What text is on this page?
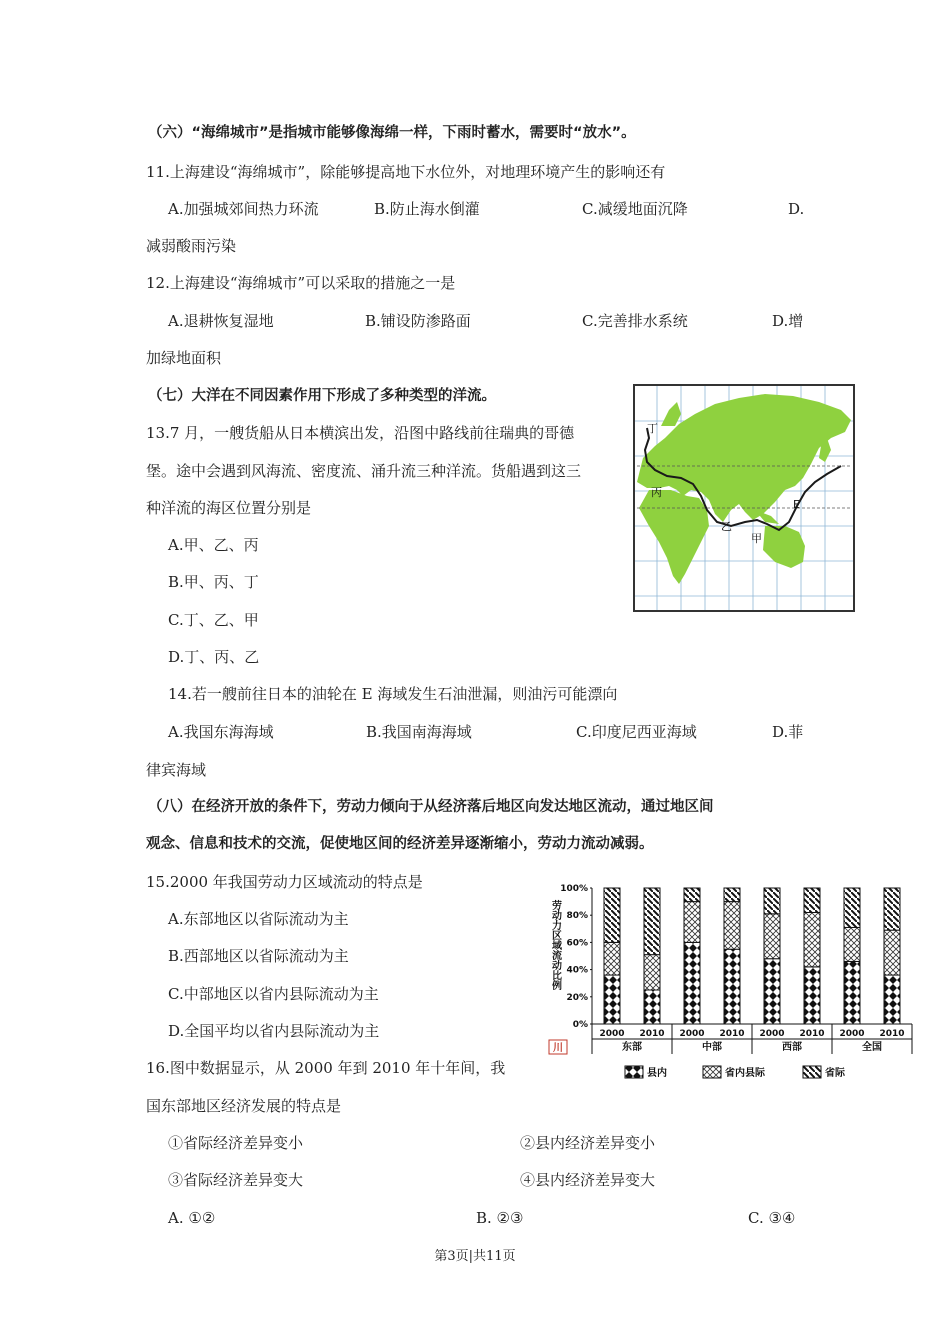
（六）“海绵城市”是指城市能够像海绵一样，下雨时蓄水，需要时“放水”。
11.上海建设“海绵城市”，除能够提高地下水位外，对地理环境产生的影响还有
A.加强城郊间热力环流	B.防止海水倒灌	C.减缓地面沉降	D.
减弱酸雨污染
12.上海建设“海绵城市”可以采取的措施之一是
A.退耕恢复湿地	B.铺设防渗路面	C.完善排水系统	D.增
加绿地面积
（七）大洋在不同因素作用下形成了多种类型的洋流。
13.7 月，一艘货船从日本横滨出发，沿图中路线前往瑞典的哥德
堡。途中会遇到风海流、密度流、涌升流三种洋流。货船遇到这三
种洋流的海区位置分别是
A.甲、乙、丙
B.甲、丙、丁
C.丁、乙、甲
D.丁、丙、乙
丁
丙
乙
甲
E
14.若一艘前往日本的油轮在 E 海域发生石油泄漏，则油污可能漂向
A.我国东海海域	B.我国南海海域	C.印度尼西亚海域	D.菲
律宾海域
（八）在经济开放的条件下，劳动力倾向于从经济落后地区向发达地区流动，通过地区间
观念、信息和技术的交流，促使地区间的经济差异逐渐缩小，劳动力流动减弱。
15.2000 年我国劳动力区域流动的特点是
A.东部地区以省际流动为主
B.西部地区以省际流动为主
C.中部地区以省内县际流动为主
D.全国平均以省内县际流动为主
16.图中数据显示，从 2000 年到 2010 年十年间，我
国东部地区经济发展的特点是
①省际经济差异变小	②县内经济差异变小
③省际经济差异变大	④县内经济差异变大
A. ①②	B. ②③	C. ③④
0%
20%
40%
60%
80%
100%
劳动力区域流动比例
2000 2010 2000 2010 2000 2010 2000 2010
东部	中部	西部	全国
川
县内	省内县际	省际
第3页|共11页
